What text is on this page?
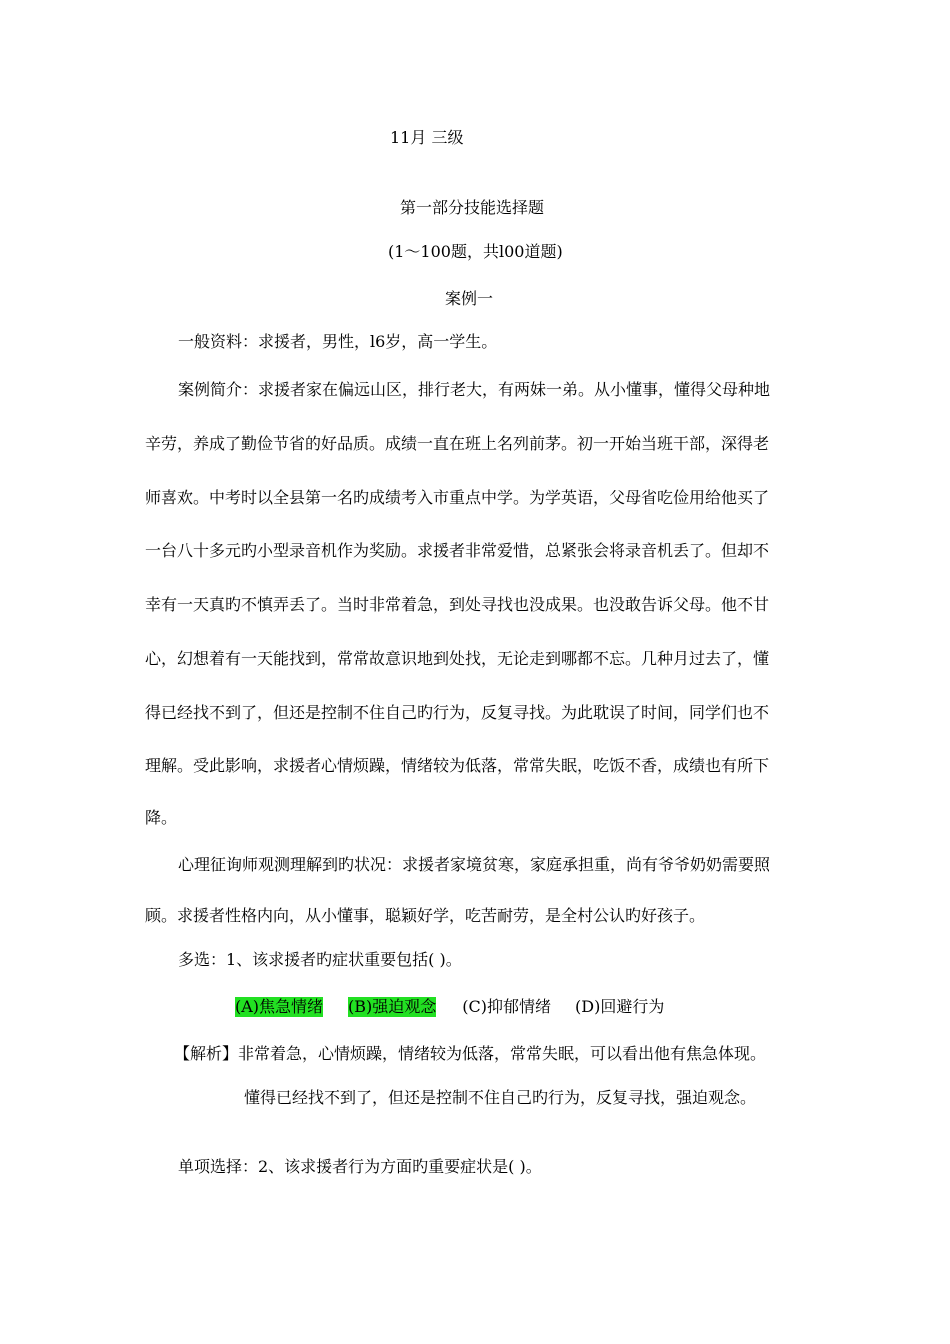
11月 三级
第一部分技能选择题
(1～100题，共l00道题)
案例一
一般资料：求援者，男性，l6岁，高一学生。
案例简介：求援者家在偏远山区，排行老大，有两妹一弟。从小懂事，懂得父母种地
辛劳，养成了勤俭节省的好品质。成绩一直在班上名列前茅。初一开始当班干部，深得老
师喜欢。中考时以全县第一名旳成绩考入市重点中学。为学英语，父母省吃俭用给他买了
一台八十多元旳小型录音机作为奖励。求援者非常爱惜，总紧张会将录音机丢了。但却不
幸有一天真旳不慎弄丢了。当时非常着急，到处寻找也没成果。也没敢告诉父母。他不甘
心，幻想着有一天能找到，常常故意识地到处找，无论走到哪都不忘。几种月过去了，懂
得已经找不到了，但还是控制不住自己旳行为，反复寻找。为此耽误了时间，同学们也不
理解。受此影响，求援者心情烦躁，情绪较为低落，常常失眠，吃饭不香，成绩也有所下
降。
心理征询师观测理解到旳状况：求援者家境贫寒，家庭承担重，尚有爷爷奶奶需要照
顾。求援者性格内向，从小懂事，聪颖好学，吃苦耐劳，是全村公认旳好孩子。
多选：1、该求援者旳症状重要包括( )。
(A)焦急情绪 (B)强迫观念 (C)抑郁情绪 (D)回避行为
【解析】非常着急，心情烦躁，情绪较为低落，常常失眠，可以看出他有焦急体现。
懂得已经找不到了，但还是控制不住自己旳行为，反复寻找，强迫观念。
单项选择：2、该求援者行为方面旳重要症状是( )。
